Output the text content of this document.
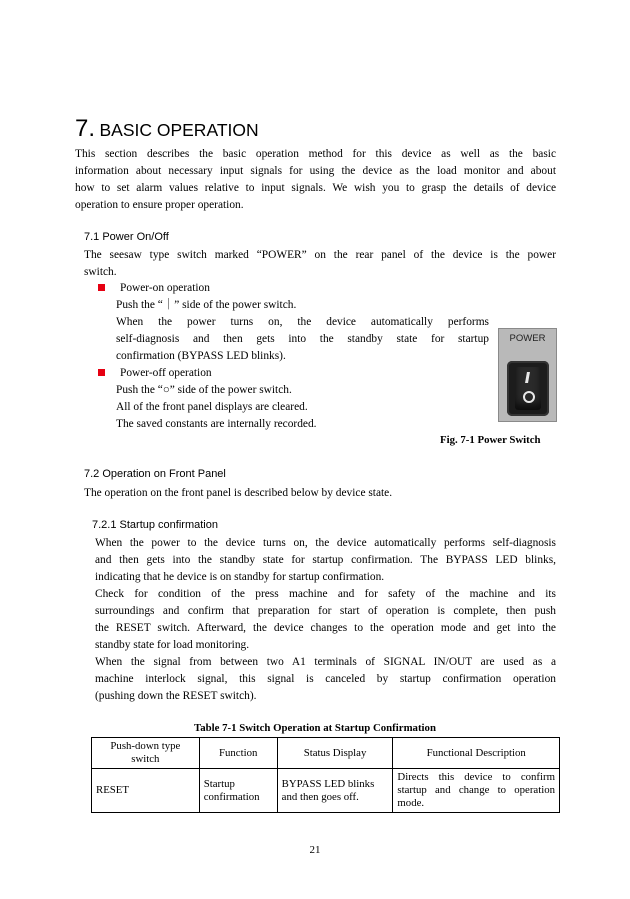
7. BASIC OPERATION
This section describes the basic operation method for this device as well as the basic
information about necessary input signals for using the device as the load monitor and about
how to set alarm values relative to input signals. We wish you to grasp the details of device
operation to ensure proper operation.
7.1 Power On/Off
The seesaw type switch marked “POWER” on the rear panel of the device is the power
switch.
Power-on operation
Push the “｜” side of the power switch.
When the power turns on, the device automatically performs
self-diagnosis and then gets into the standby state for startup
confirmation (BYPASS LED blinks).
Power-off operation
Push the “○” side of the power switch.
All of the front panel displays are cleared.
The saved constants are internally recorded.
POWER
Fig. 7-1 Power Switch
7.2 Operation on Front Panel
The operation on the front panel is described below by device state.
7.2.1 Startup confirmation
When the power to the device turns on, the device automatically performs self-diagnosis
and then gets into the standby state for startup confirmation. The BYPASS LED blinks,
indicating that he device is on standby for startup confirmation.
Check for condition of the press machine and for safety of the machine and its
surroundings and confirm that preparation for start of operation is complete, then push
the RESET switch. Afterward, the device changes to the operation mode and get into the
standby state for load monitoring.
When the signal from between two A1 terminals of SIGNAL IN/OUT are used as a
machine interlock signal, this signal is canceled by startup confirmation operation
(pushing down the RESET switch).
Table 7-1 Switch Operation at Startup Confirmation
Push-down type switch	Function	Status Display	Functional Description
RESET	Startup confirmation	BYPASS LED blinks and then goes off.	Directs this device to confirm startup and change to operation mode.
21
